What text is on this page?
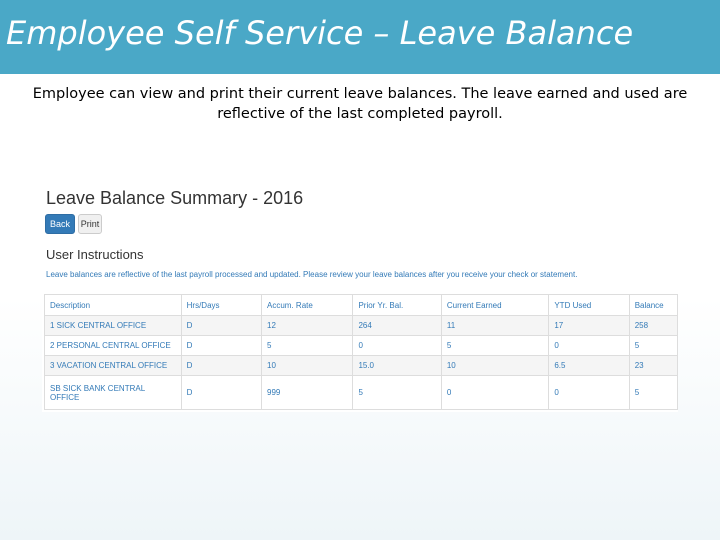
Employee Self Service – Leave Balance

Employee can view and print their current leave balances. The leave earned and used are reflective of the last completed payroll.

Leave Balance Summary - 2016
Back	Print
User Instructions

Leave balances are reflective of the last payroll processed and updated. Please review your leave balances after you receive your check or statement.

Description	Hrs/Days	Accum. Rate	Prior Yr. Bal.	Current Earned	YTD Used	Balance
1 SICK CENTRAL OFFICE	D	12	264	11	17	258
2 PERSONAL CENTRAL OFFICE	D	5	0	5	0	5
3 VACATION CENTRAL OFFICE	D	10	15.0	10	6.5	23
SB SICK BANK CENTRAL OFFICE	D	999	5	0	0	5
